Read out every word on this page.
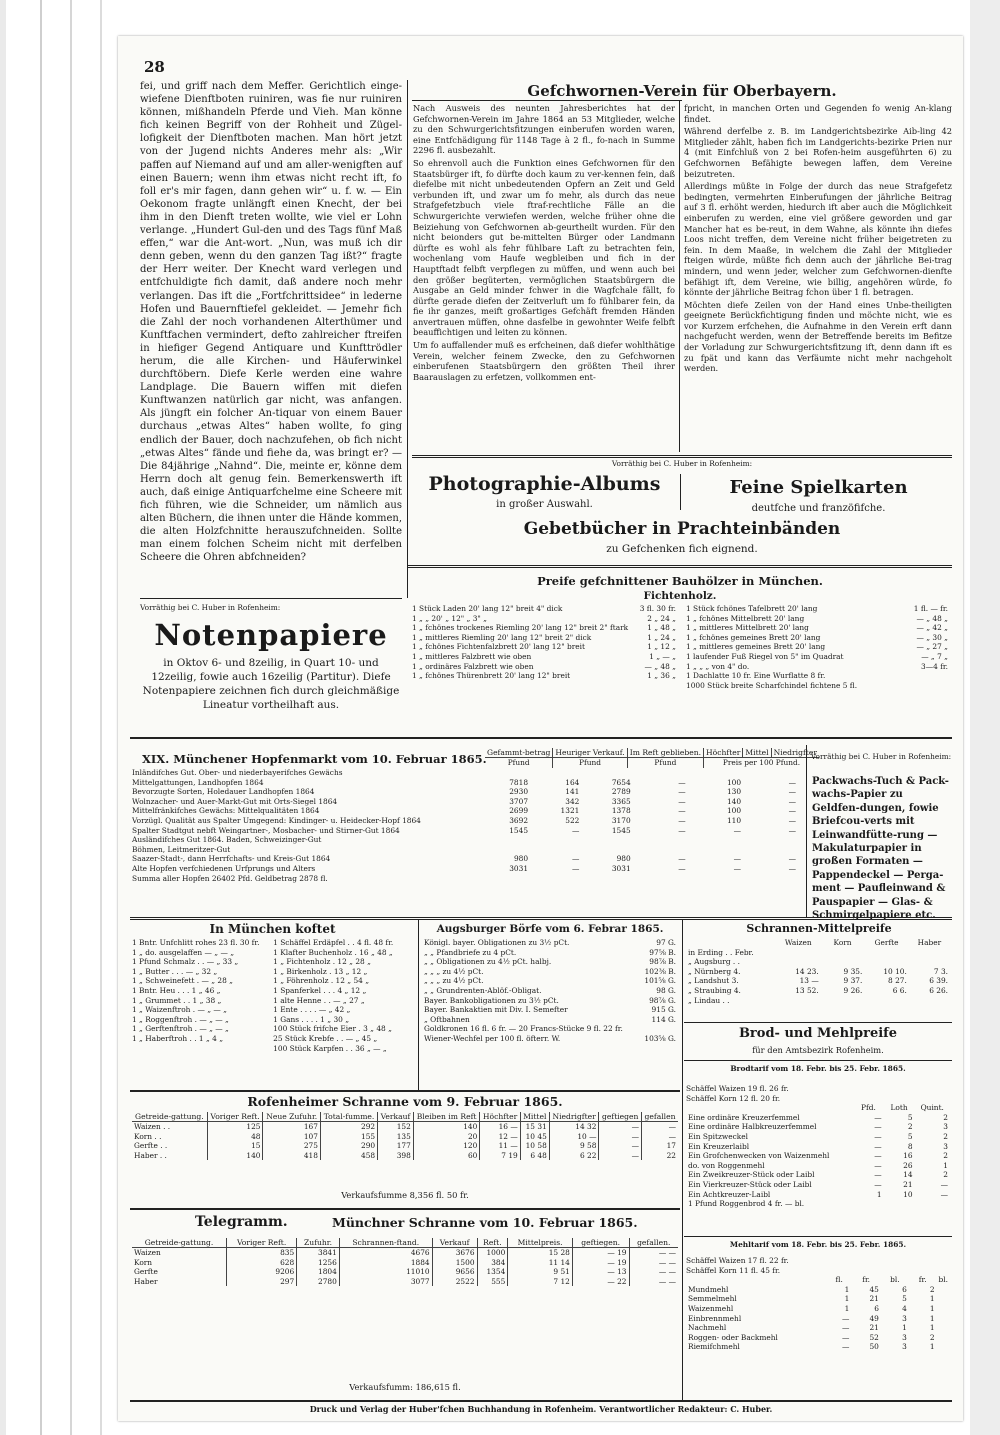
28

fei, und griff nach dem Meffer. Gerichtlich einge-wiefene Dienftboten ruiniren, was fie nur ruiniren können, mißhandeln Pferde und Vieh. Man könne fich keinen Begriff von der Rohheit und Zügel-lofigkeit der Dienftboten machen. Man hört jetzt von der Jugend nichts Anderes mehr als: „Wir paffen auf Niemand auf und am aller-wenigften auf einen Bauern; wenn ihm etwas nicht recht ift, fo foll er's mir fagen, dann gehen wir“ u. f. w. — Ein Oekonom fragte unlängft einen Knecht, der bei ihm in den Dienft treten wollte, wie viel er Lohn verlange. „Hundert Gul-den und des Tags fünf Maß effen,“ war die Ant-wort. „Nun, was muß ich dir denn geben, wenn du den ganzen Tag ißt?“ fragte der Herr weiter. Der Knecht ward verlegen und entfchuldigte fich damit, daß andere noch mehr verlangen. Das ift die „Fortfchrittsidee“ in lederne Hofen und Bauernftiefel gekleidet. — Jemehr fich die Zahl der noch vorhandenen Alterthümer und Kunftfachen vermindert, defto zahlreicher ftreifen in hiefiger Gegend Antiquare und Kunfttrödler herum, die alle Kirchen- und Häuferwinkel durchftöbern. Diefe Kerle werden eine wahre Landplage. Die Bauern wiffen mit diefen Kunftwanzen natürlich gar nicht, was anfangen. Als jüngft ein folcher An-tiquar von einem Bauer durchaus „etwas Altes“ haben wollte, fo ging endlich der Bauer, doch nachzufehen, ob fich nicht „etwas Altes“ fände und fiehe da, was bringt er? — Die 84jährige „Nahnd“. Die, meinte er, könne dem Herrn doch alt genug fein. Bemerkenswerth ift auch, daß einige Antiquarfchelme eine Scheere mit fich führen, wie die Schneider, um nämlich aus alten Büchern, die ihnen unter die Hände kommen, die alten Holzfchnitte herauszufchneiden. Sollte man einem folchen Scheim nicht mit derfelben Scheere die Ohren abfchneiden?

Vorräthig bei C. Huber in Rofenheim:
Notenpapiere
in Oktov 6- und 8zeilig, in Quart 10- und 12zeilig, fowie auch 16zeilig (Partitur). Diefe Notenpapiere zeichnen fich durch gleichmäßige Lineatur vortheilhaft aus.
Gefchwornen-Verein für Oberbayern.

Nach Ausweis des neunten Jahresberichtes hat der Gefchwornen-Verein im Jahre 1864 an 53 Mitglieder, welche zu den Schwurgerichtsfitzungen einberufen worden waren, eine Entfchädigung für 1148 Tage à 2 fl., fo-nach in Summe 2296 fl. ausbezahlt.

So ehrenvoll auch die Funktion eines Gefchwornen für den Staatsbürger ift, fo dürfte doch kaum zu ver-kennen fein, daß diefelbe mit nicht unbedeutenden Opfern an Zeit und Geld verbunden ift, und zwar um fo mehr, als durch das neue Strafgefetzbuch viele ftraf-rechtliche Fälle an die Schwurgerichte verwiefen werden, welche früher ohne die Beiziehung von Gefchwornen ab-geurtheilt wurden. Für den nicht beionders gut be-mittelten Bürger oder Landmann dürfte es wohl als fehr fühlbare Laft zu betrachten fein, wochenlang vom Haufe wegbleiben und fich in der Hauptftadt felbft verpflegen zu müffen, und wenn auch bei den größer begüterten, vermöglichen Staatsbürgern die Ausgabe an Geld minder fchwer in die Wagfchale fällt, fo dürfte gerade diefen der Zeitverluft um fo fühlbarer fein, da fie ihr ganzes, meift großartiges Gefchäft fremden Händen anvertrauen müffen, ohne dasfelbe in gewohnter Weife felbft beauffichtigen und leiten zu können.

Um fo auffallender muß es erfcheinen, daß diefer wohlthätige Verein, welcher feinem Zwecke, den zu Gefchwornen einberufenen Staatsbürgern den größten Theil ihrer Baarauslagen zu erfetzen, vollkommen ent-

fpricht, in manchen Orten und Gegenden fo wenig An-klang findet.

Während derfelbe z. B. im Landgerichtsbezirke Aib-ling 42 Mitglieder zählt, haben fich im Landgerichts-bezirke Prien nur 4 (mit Einfchluß von 2 bei Rofen-heim ausgeführten 6) zu Gefchwornen Befähigte bewegen laffen, dem Vereine beizutreten.

Allerdings müßte in Folge der durch das neue Strafgefetz bedingten, vermehrten Einberufungen der jährliche Beitrag auf 3 fl. erhöht werden, hiedurch ift aber auch die Möglichkeit einberufen zu werden, eine viel größere geworden und gar Mancher hat es be-reut, in dem Wahne, als könnte ihn diefes Loos nicht treffen, dem Vereine nicht früher beigetreten zu fein. In dem Maaße, in welchem die Zahl der Mitglieder fteigen würde, müßte fich denn auch der jährliche Bei-trag mindern, und wenn jeder, welcher zum Gefchwornen-dienfte befähigt ift, dem Vereine, wie billig, angehören würde, fo könnte der jährliche Beitrag fchon über 1 fl. betragen.

Möchten diefe Zeilen von der Hand eines Unbe-theiligten geeignete Berückfichtigung finden und möchte nicht, wie es vor Kurzem erfchehen, die Aufnahme in den Verein erft dann nachgefucht werden, wenn der Betreffende bereits im Befitze der Vorladung zur Schwurgerichtsfitzung ift, denn dann ift es zu fpät und kann das Verfäumte nicht mehr nachgeholt werden.

Vorräthig bei C. Huber in Rofenheim:
Photographie-Albums
in großer Auswahl.
Feine Spielkarten
deutfche und franzöfifche.
Gebetbücher in Prachteinbänden
zu Gefchenken fich eignend.
Preife gefchnittener Bauhölzer in München.
Fichtenholz.
1 Stück Laden 20' lang 12" breit 4" dick	3 fl. 30 fr.
1 „ „ 20' „ 12" „ 3" „	2 „ 24 „
1 „ fchönes trockenes Riemling 20' lang 12" breit 2" ftark	1 „ 48 „
1 „ mittleres Riemling 20' lang 12" breit 2" dick	1 „ 24 „
1 „ fchönes Fichtenfalzbrett 20' lang 12" breit	1 „ 12 „
1 „ mittleres Falzbrett wie oben	1 „ — „
1 „ ordinäres Falzbrett wie oben	— „ 48 „
1 „ fchönes Thürenbrett 20' lang 12" breit	1 „ 36 „
1 Stück fchönes Tafelbrett 20' lang	1 fl. — fr.
1 „ fchönes Mittelbrett 20' lang	— „ 48 „
1 „ mittleres Mittelbrett 20' lang	— „ 42 „
1 „ fchönes gemeines Brett 20' lang	— „ 30 „
1 „ mittleres gemeines Brett 20' lang	— „ 27 „
1 laufender Fuß Riegel von 5" im Quadrat	— „ 7 „
1 „ „ „ von 4" do.	3—4 fr.
1 Dachlatte 10 fr. Eine Wurflatte 8 fr.	
1000 Stück breite Scharfchindel fichtene 5 fl.	
XIX. Münchener Hopfenmarkt vom 10. Februar 1865.
Inländifches Gut. Ober- und niederbayerifches Gewächs						
Mittelgattungen, Landhopfen 1864	7818	164	7654	—	100	—
Bevorzugte Sorten, Holedauer Landhopfen 1864	2930	141	2789	—	130	—
Wolnzacher- und Auer-Markt-Gut mit Orts-Siegel 1864	3707	342	3365	—	140	—
Mittelfränkifches Gewächs: Mittelqualitäten 1864	2699	1321	1378	—	100	—
Vorzügl. Qualität aus Spalter Umgegend: Kindinger- u. Heidecker-Hopf 1864	3692	522	3170	—	110	—
Spalter Stadtgut nebft Weingartner-, Mosbacher- und Stirner-Gut 1864	1545	—	1545	—	—	—
Ausländifches Gut 1864. Baden, Schweizinger-Gut						
Böhmen, Leitmeritzer-Gut						
Saazer-Stadt-, dann Herrfchafts- und Kreis-Gut 1864	980	—	980	—	—	—
Alte Hopfen verfchiedenen Urfprungs und Alters	3031	—	3031	—	—	—
Summa aller Hopfen 26402 Pfd. Geldbetrag 2878 fl.						
Gefammt-betrag	Heuriger Verkauf.	Im Reft geblieben.	Höchfter	Mittel	Niedrigfter
Pfund	Pfund	Pfund	Preis per 100 Pfund.		
Vorräthig bei C. Huber in Rofenheim:
Packwachs-Tuch & Pack-wachs-Papier zu Geldfen-dungen, fowie Briefcou-verts mit Leinwandfütte-rung — Makulaturpapier in großen Formaten — Pappendeckel — Perga-ment — Paufleinwand & Pauspapier — Glas- & Schmirgelpapiere etc.
In München koftet
1 Bntr. Unfchlitt rohes 23 fl. 30 fr.	1 Schäffel Erdäpfel . . 4 fl. 48 fr.
1 „ do. ausgelaffen — „ — „	1 Klafter Buchenholz . 16 „ 48 „
1 Pfund Schmalz . . — „ 33 „	1 „ Fichtenholz . 12 „ 28 „
1 „ Butter . . . — „ 32 „	1 „ Birkenholz . 13 „ 12 „
1 „ Schweinefett . — „ 28 „	1 „ Föhrenholz . 12 „ 54 „
1 Bntr. Heu . . . 1 „ 46 „	1 Spanferkel . . . 4 „ 12 „
1 „ Grummet . . 1 „ 38 „	1 alte Henne . . — „ 27 „
1 „ Waizenftroh . — „ — „	1 Ente . . . . — „ 42 „
1 „ Roggenftroh . — „ — „	1 Gans . . . . 1 „ 30 „
1 „ Gerftenftroh . — „ — „	100 Stück frifche Eier . 3 „ 48 „
1 „ Haberftroh . . 1 „ 4 „	25 Stück Krebfe . . — „ 45 „
	100 Stück Karpfen . . 36 „ — „
Augsburger Börfe vom 6. Febrar 1865.
Königl. bayer. Obligationen zu 3½ pCt.	97 G.
„ „ Pfandbriefe zu 4 pCt.	97⅝ B.
„ „ Obligationen zu 4½ pCt. halbj.	98⅞ B.
„ „ „ zu 4½ pCt.	102⅜ B.
„ „ „ zu 4½ pCt.	101⅝ G.
„ „ Grundrenten-Ablöf.-Obligat.	98 G.
Bayer. Bankobligationen zu 3½ pCt.	98⅞ G.
Bayer. Bankaktien mit Div. I. Semefter	915 G.
„ Oftbahnen	114 G.
Goldkronen 16 fl. 6 fr. — 20 Francs-Stücke 9 fl. 22 fr.	
Wiener-Wechfel per 100 fl. öfterr. W.	103⅝ G.
Schrannen-Mittelpreife
	Waizen	Korn	Gerfte	Haber
in Erding . . Febr.				
„ Augsburg . .				
„ Nürnberg 4.	14 23.	9 35.	10 10.	7 3.
„ Landshut 3.	13 —	9 37.	8 27.	6 39.
„ Straubing 4.	13 52.	9 26.	6 6.	6 26.
„ Lindau . .				
Rofenheimer Schranne vom 9. Februar 1865.
Getreide-gattung.	Voriger Reft.	Neue Zufuhr.	Total-fumme.	Verkauf	Bleiben im Reft	Höchfter	Mittel	Niedrigfter	geftiegen	gefallen
Waizen . .	125	167	292	152	140	16 —	15 31	14 32	—	—
Korn . .	48	107	155	135	20	12 —	10 45	10 —	—	—
Gerfte . .	15	275	290	177	120	11 —	10 58	9 58	—	17
Haber . .	140	418	458	398	60	7 19	6 48	6 22	—	22
Verkaufsfumme 8,356 fl. 50 fr.
Telegramm.	Münchner Schranne vom 10. Februar 1865.
Getreide-gattung.	Voriger Reft.	Zufuhr.	Schrannen-ftand.	Verkauf	Reft.	Mittelpreis.	geftiegen.	gefallen.
Waizen	835	3841	4676	3676	1000	15 28	— 19	— —
Korn	628	1256	1884	1500	384	11 14	— 19	— —
Gerfte	9206	1804	11010	9656	1354	9 51	— 13	— —
Haber	297	2780	3077	2522	555	7 12	— 22	— —
Verkaufsfumm: 186,615 fl.
Brod- und Mehlpreife
für den Amtsbezirk Rofenheim.
Brodtarif vom 18. Febr. bis 25. Febr. 1865.
Schäffel Waizen 19 fl. 26 fr.
Schäffel Korn 12 fl. 20 fr.
	Pfd.	Loth	Quint.
Eine ordinäre Kreuzerfemmel	—	5	2
Eine ordinäre Halbkreuzerfemmel	—	2	3
Ein Spitzweckel	—	5	2
Ein Kreuzerlaibl	—	8	3
Ein Grofchenwecken von Waizenmehl	—	16	2
do. von Roggenmehl	—	26	1
Ein Zweikreuzer-Stück oder Laibl	—	14	2
Ein Vierkreuzer-Stück oder Laibl	—	21	—
Ein Achtkreuzer-Laibl	1	10	—
1 Pfund Roggenbrod 4 fr. — bl.			
Mehltarif vom 18. Febr. bis 25. Febr. 1865.
Schäffel Waizen 17 fl. 22 fr.
Schäffel Korn 11 fl. 45 fr.
	fl.	fr.	bl.	fr.	bl.
Mundmehl	1	45	6	2	
Semmelmehl	1	21	5	1	
Waizenmehl	1	6	4	1	
Einbrennmehl	—	49	3	1	
Nachmehl	—	21	1	1	
Roggen- oder Backmehl	—	52	3	2	
Riemifchmehl	—	50	3	1	
Druck und Verlag der Huber'fchen Buchhandung in Rofenheim. Verantwortlicher Redakteur: C. Huber.
